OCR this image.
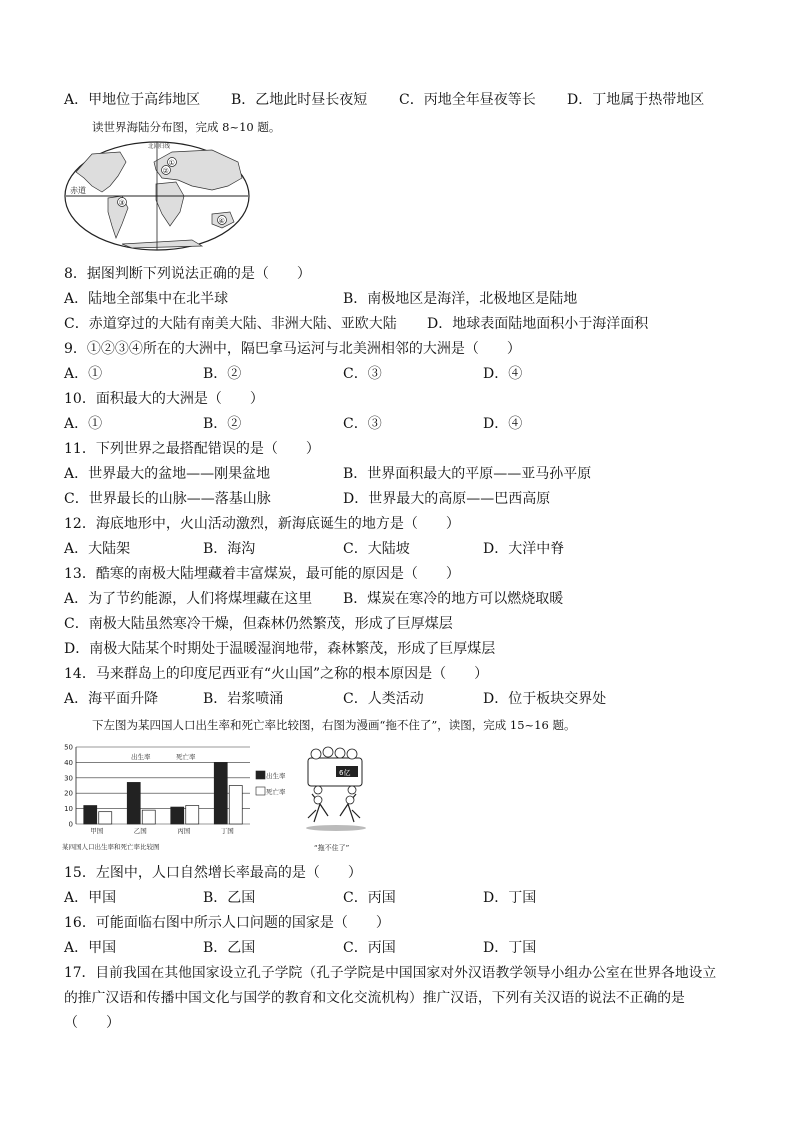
A．甲地位于高纬地区 B．乙地此时昼长夜短 C．丙地全年昼夜等长 D．丁地属于热带地区
读世界海陆分布图，完成 8~10 题。
北回归线
赤道
①
②
③
④
8．据图判断下列说法正确的是（　　）
A．陆地全部集中在北半球	B．南极地区是海洋，北极地区是陆地
C．赤道穿过的大陆有南美大陆、非洲大陆、亚欧大陆 D．地球表面陆地面积小于海洋面积
9．①②③④所在的大洲中，隔巴拿马运河与北美洲相邻的大洲是（　　）
A．①	B．②	C．③	D．④
10．面积最大的大洲是（　　）
A．①	B．②	C．③	D．④
11．下列世界之最搭配错误的是（　　）
A．世界最大的盆地——刚果盆地	B．世界面积最大的平原——亚马孙平原
C．世界最长的山脉——落基山脉	D．世界最大的高原——巴西高原
12．海底地形中，火山活动激烈，新海底诞生的地方是（　　）
A．大陆架	B．海沟	C．大陆坡	D．大洋中脊
13．酷寒的南极大陆埋藏着丰富煤炭，最可能的原因是（　　）
A．为了节约能源，人们将煤埋藏在这里 B．煤炭在寒冷的地方可以燃烧取暖
C．南极大陆虽然寒冷干燥，但森林仍然繁茂，形成了巨厚煤层
D．南极大陆某个时期处于温暖湿润地带，森林繁茂，形成了巨厚煤层
14．马来群岛上的印度尼西亚有“火山国”之称的根本原因是（　　）
A．海平面升降	B．岩浆喷涌	C．人类活动	D．位于板块交界处
下左图为某四国人口出生率和死亡率比较图，右图为漫画“拖不住了”，读图，完成 15~16 题。
0
10
20
30
40
50
甲国	乙国	丙国	丁国
出生率	死亡率
出生率
死亡率
某四国人口出生率和死亡率比较图
6亿
“拖不住了”
15．左图中，人口自然增长率最高的是（　　）
A．甲国	B．乙国	C．丙国	D．丁国
16．可能面临右图中所示人口问题的国家是（　　）
A．甲国	B．乙国	C．丙国	D．丁国
17．目前我国在其他国家设立孔子学院（孔子学院是中国国家对外汉语教学领导小组办公室在世界各地设立
的推广汉语和传播中国文化与国学的教育和文化交流机构）推广汉语，下列有关汉语的说法不正确的是
（　　）
